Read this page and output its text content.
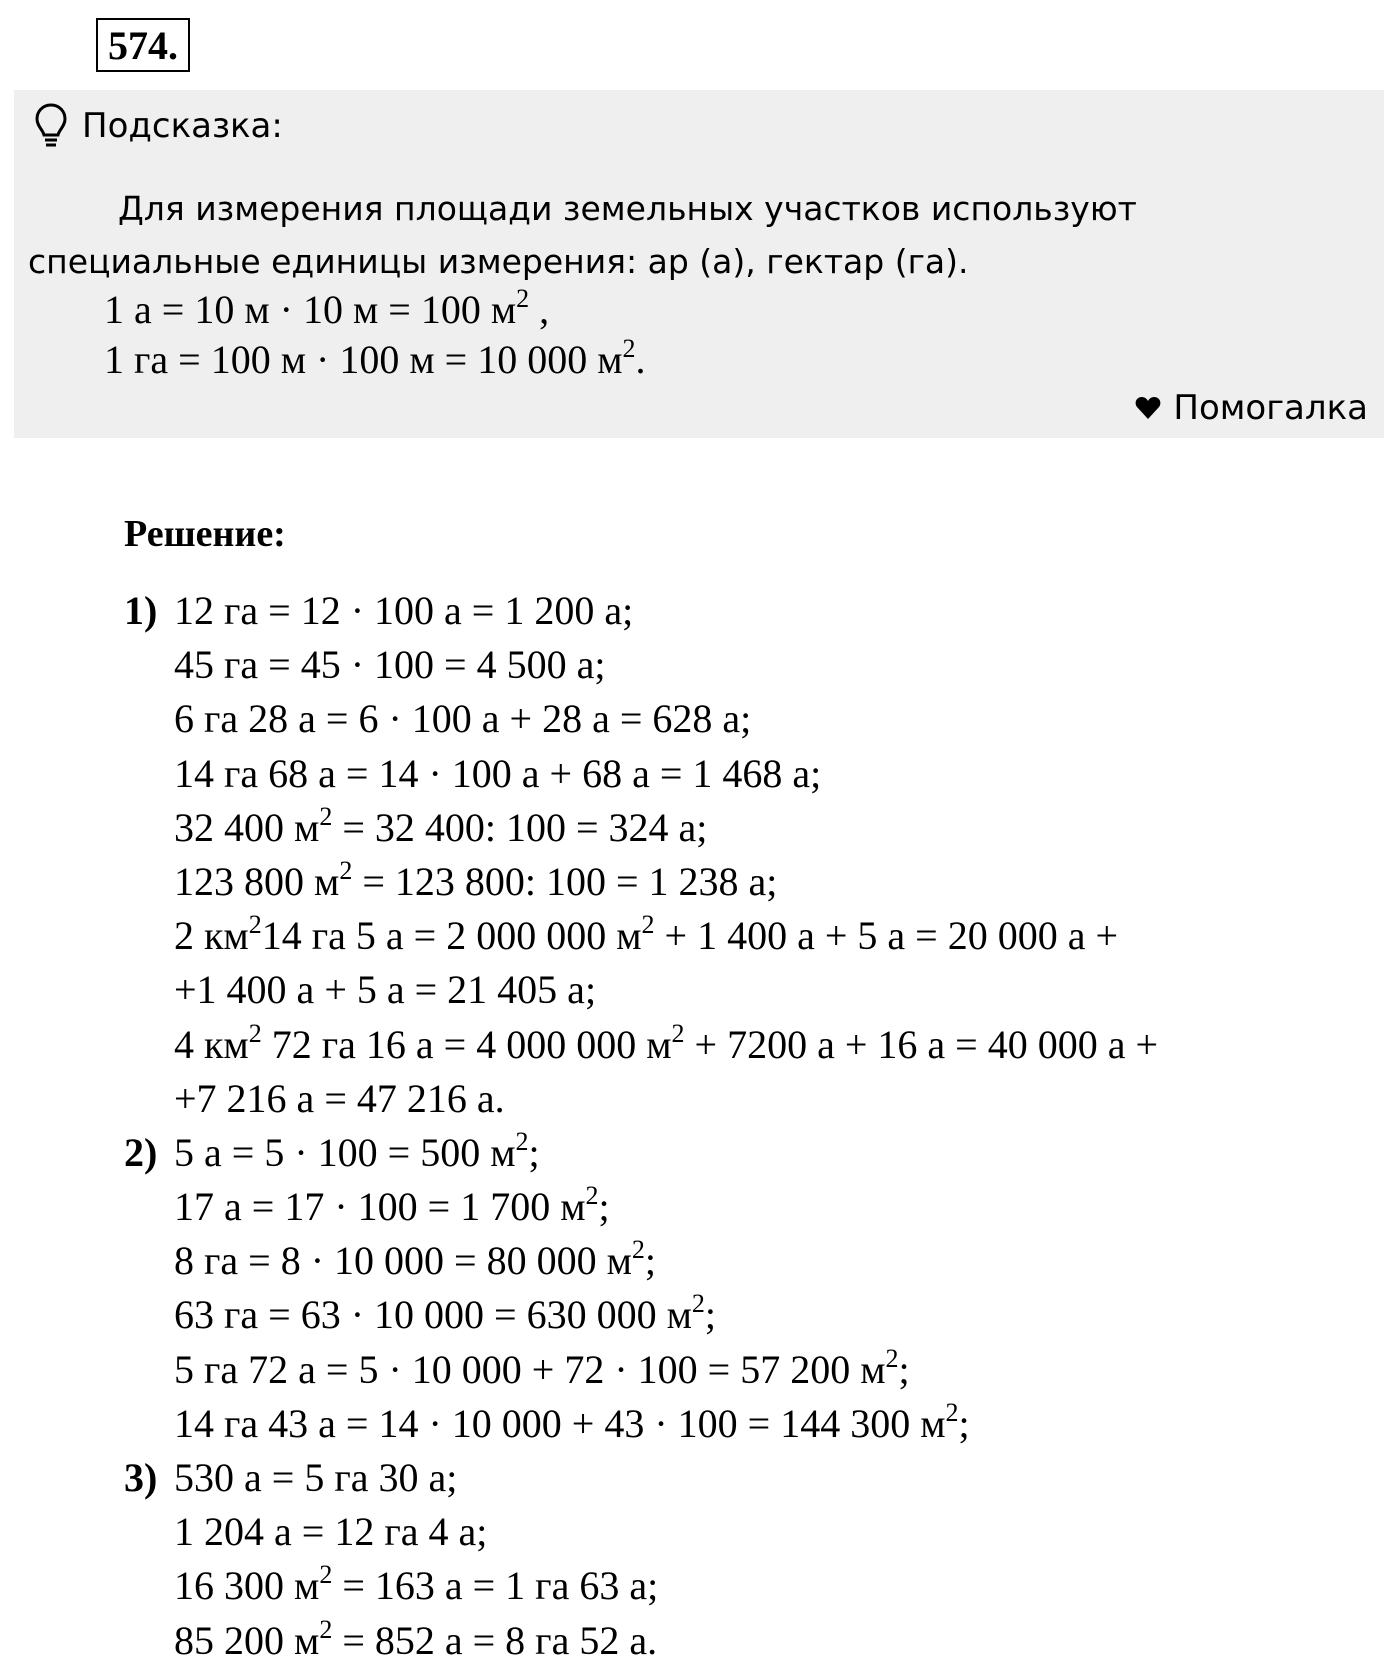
574.
Подсказка:
Для измерения площади земельных участков используют специальные единицы измерения: ар (а), гектар (га).
1 а = 10 м · 10 м = 100 $м^2$ ,
1 га = 100 м · 100 м = 10 000 $м^2$.
Помогалка
Решение:
1) 12 га = 12 · 100 а = 1 200 а;
45 га = 45 · 100 = 4 500 а;
6 га 28 а = 6 · 100 а + 28 а = 628 а;
14 га 68 а = 14 · 100 а + 68 а = 1 468 а;
32 400 $м^2 = 32$ 400: 100 = 324 а;
123 800 $м^2 = 123$ 800: 100 = 1 238 а;
2 $км^214$ га 5 а = 2 000 000 $м^2 + 1$ 400 а + 5 а = 20 000 а +
+1 400 а + 5 а = 21 405 а;
4 $км^2$ 72 га 16 а = 4 000 000 $м^2 + 7200$ а + 16 а = 40 000 а +
+7 216 а = 47 216 а.
2) 5 а = 5 · 100 = 500 $м^2$;
17 а = 17 · 100 = 1 700 $м^2$;
8 га = 8 · 10 000 = 80 000 $м^2$;
63 га = 63 · 10 000 = 630 000 $м^2$;
5 га 72 а = 5 · 10 000 + 72 · 100 = 57 200 $м^2$;
14 га 43 а = 14 · 10 000 + 43 · 100 = 144 300 $м^2$;
3) 530 а = 5 га 30 а;
1 204 а = 12 га 4 а;
16 300 $м^2 = 163$ а = 1 га 63 а;
85 200 $м^2 = 852$ а = 8 га 52 а.
